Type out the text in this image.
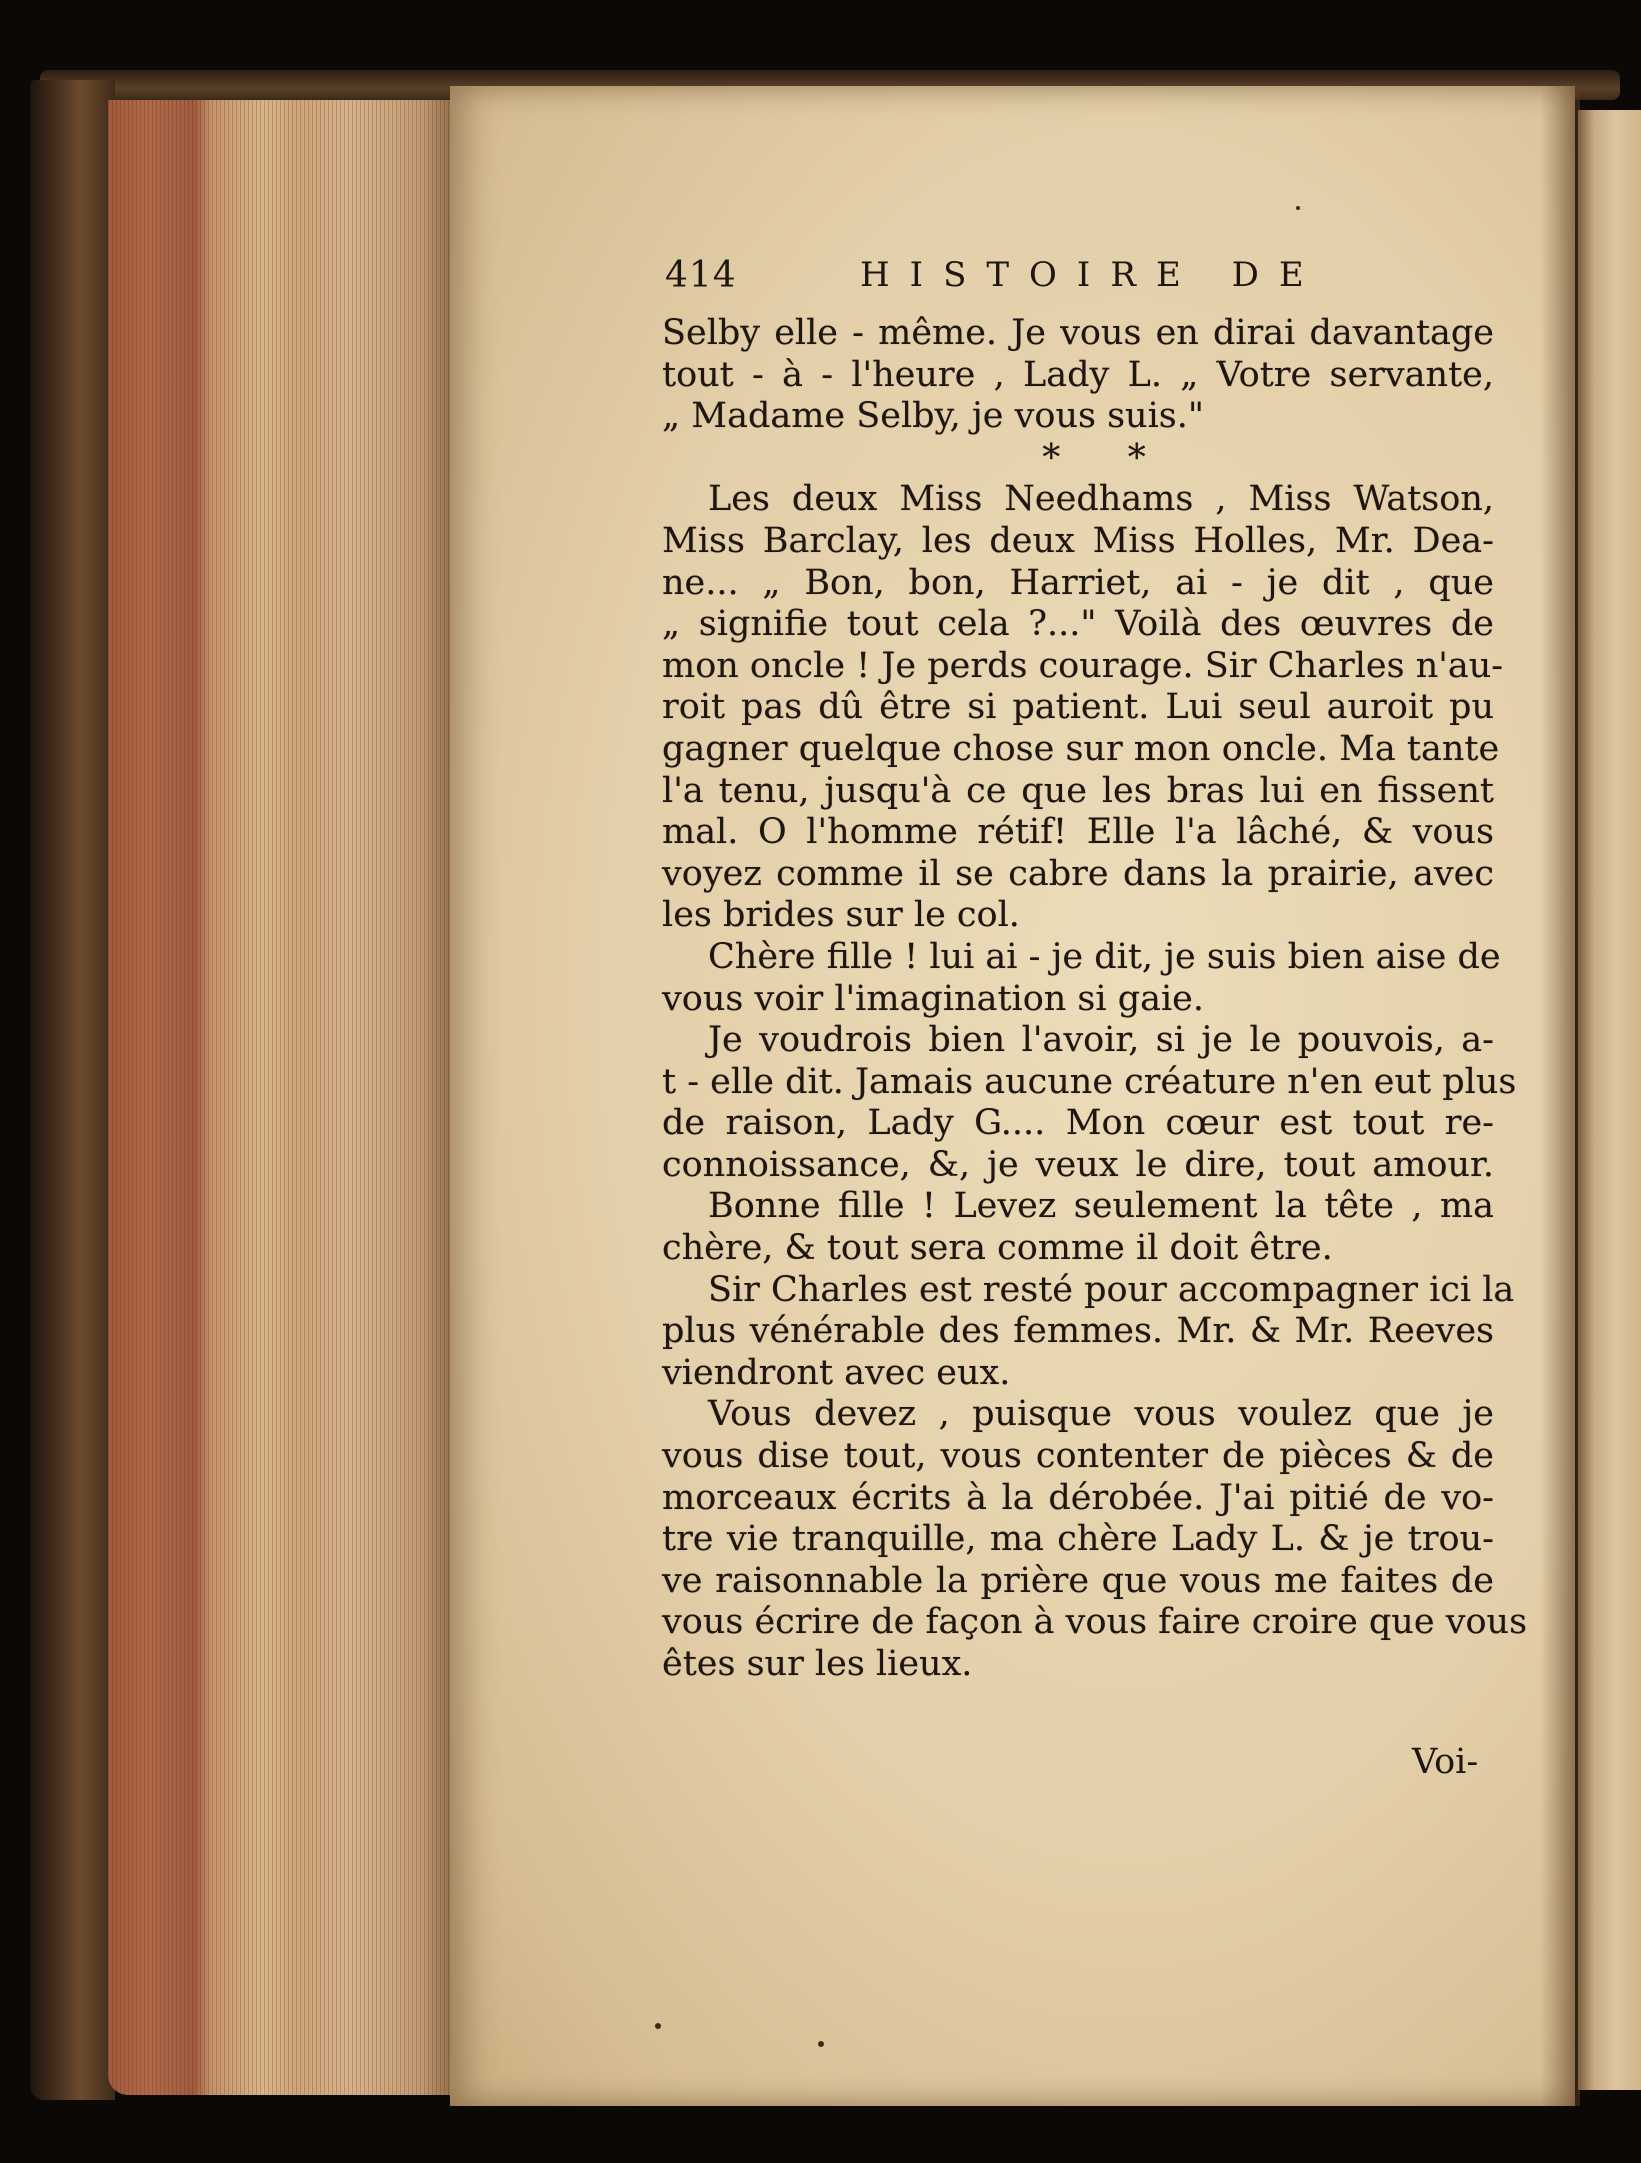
414	HISTOIRE DE
Selby elle - même. Je vous en dirai davantage
tout - à - l'heure , Lady L. „ Votre servante,
„ Madame Selby, je vous suis."
* *
Les deux Miss Needhams , Miss Watson,
Miss Barclay, les deux Miss Holles, Mr. Dea-
ne... „ Bon, bon, Harriet, ai - je dit , que
„ signifie tout cela ?..." Voilà des œuvres de
mon oncle ! Je perds courage. Sir Charles n'au-
roit pas dû être si patient. Lui seul auroit pu
gagner quelque chose sur mon oncle. Ma tante
l'a tenu, jusqu'à ce que les bras lui en fissent
mal. O l'homme rétif! Elle l'a lâché, & vous
voyez comme il se cabre dans la prairie, avec
les brides sur le col.
Chère fille ! lui ai - je dit, je suis bien aise de
vous voir l'imagination si gaie.
Je voudrois bien l'avoir, si je le pouvois, a-
t - elle dit. Jamais aucune créature n'en eut plus
de raison, Lady G.... Mon cœur est tout re-
connoissance, &, je veux le dire, tout amour.
Bonne fille ! Levez seulement la tête , ma
chère, & tout sera comme il doit être.
Sir Charles est resté pour accompagner ici la
plus vénérable des femmes. Mr. & Mr. Reeves
viendront avec eux.
Vous devez , puisque vous voulez que je
vous dise tout, vous contenter de pièces & de
morceaux écrits à la dérobée. J'ai pitié de vo-
tre vie tranquille, ma chère Lady L. & je trou-
ve raisonnable la prière que vous me faites de
vous écrire de façon à vous faire croire que vous
êtes sur les lieux.
Voi-
